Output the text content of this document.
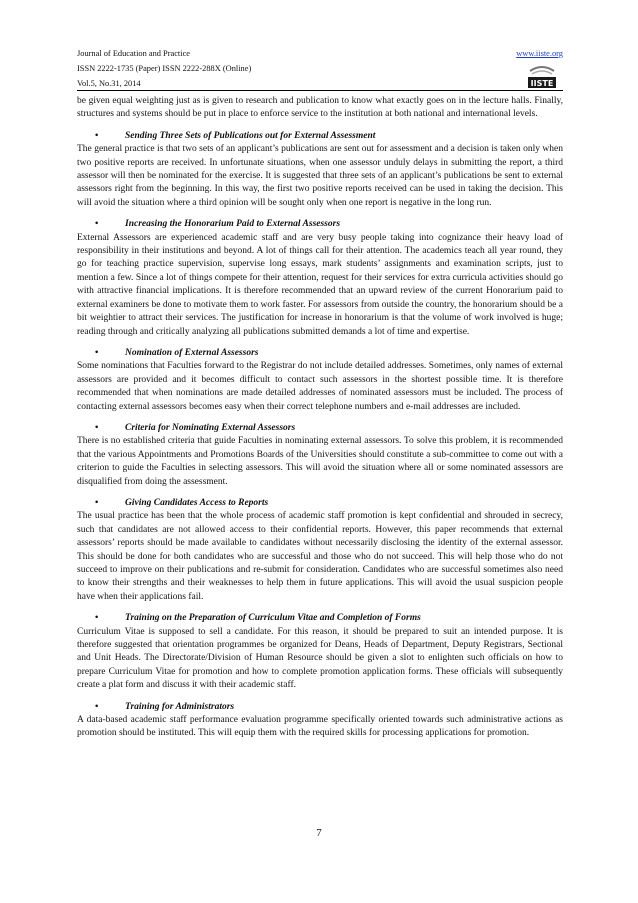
Journal of Education and Practice
ISSN 2222-1735 (Paper) ISSN 2222-288X (Online)
Vol.5, No.31, 2014
www.iiste.org
IISTE

be given equal weighting just as is given to research and publication to know what exactly goes on in the lecture halls. Finally, structures and systems should be put in place to enforce service to the institution at both national and international levels.

•	Sending Three Sets of Publications out for External Assessment

The general practice is that two sets of an applicant’s publications are sent out for assessment and a decision is taken only when two positive reports are received. In unfortunate situations, when one assessor unduly delays in submitting the report, a third assessor will then be nominated for the exercise. It is suggested that three sets of an applicant’s publications be sent to external assessors right from the beginning. In this way, the first two positive reports received can be used in taking the decision. This will avoid the situation where a third opinion will be sought only when one report is negative in the long run.

•	Increasing the Honorarium Paid to External Assessors

External Assessors are experienced academic staff and are very busy people taking into cognizance their heavy load of responsibility in their institutions and beyond. A lot of things call for their attention. The academics teach all year round, they go for teaching practice supervision, supervise long essays, mark students’ assignments and examination scripts, just to mention a few. Since a lot of things compete for their attention, request for their services for extra curricula activities should go with attractive financial implications. It is therefore recommended that an upward review of the current Honorarium paid to external examiners be done to motivate them to work faster. For assessors from outside the country, the honorarium should be a bit weightier to attract their services. The justification for increase in honorarium is that the volume of work involved is huge; reading through and critically analyzing all publications submitted demands a lot of time and expertise.

•	Nomination of External Assessors

Some nominations that Faculties forward to the Registrar do not include detailed addresses. Sometimes, only names of external assessors are provided and it becomes difficult to contact such assessors in the shortest possible time. It is therefore recommended that when nominations are made detailed addresses of nominated assessors must be included. The process of contacting external assessors becomes easy when their correct telephone numbers and e-mail addresses are included.

•	Criteria for Nominating External Assessors

There is no established criteria that guide Faculties in nominating external assessors. To solve this problem, it is recommended that the various Appointments and Promotions Boards of the Universities should constitute a sub-committee to come out with a criterion to guide the Faculties in selecting assessors. This will avoid the situation where all or some nominated assessors are disqualified from doing the assessment.

•	Giving Candidates Access to Reports

The usual practice has been that the whole process of academic staff promotion is kept confidential and shrouded in secrecy, such that candidates are not allowed access to their confidential reports. However, this paper recommends that external assessors’ reports should be made available to candidates without necessarily disclosing the identity of the external assessor. This should be done for both candidates who are successful and those who do not succeed. This will help those who do not succeed to improve on their publications and re-submit for consideration. Candidates who are successful sometimes also need to know their strengths and their weaknesses to help them in future applications. This will avoid the usual suspicion people have when their applications fail.

•	Training on the Preparation of Curriculum Vitae and Completion of Forms

Curriculum Vitae is supposed to sell a candidate. For this reason, it should be prepared to suit an intended purpose. It is therefore suggested that orientation programmes be organized for Deans, Heads of Department, Deputy Registrars, Sectional and Unit Heads. The Directorate/Division of Human Resource should be given a slot to enlighten such officials on how to prepare Curriculum Vitae for promotion and how to complete promotion application forms. These officials will subsequently create a plat form and discuss it with their academic staff.

•	Training for Administrators

A data-based academic staff performance evaluation programme specifically oriented towards such administrative actions as promotion should be instituted. This will equip them with the required skills for processing applications for promotion.

7
